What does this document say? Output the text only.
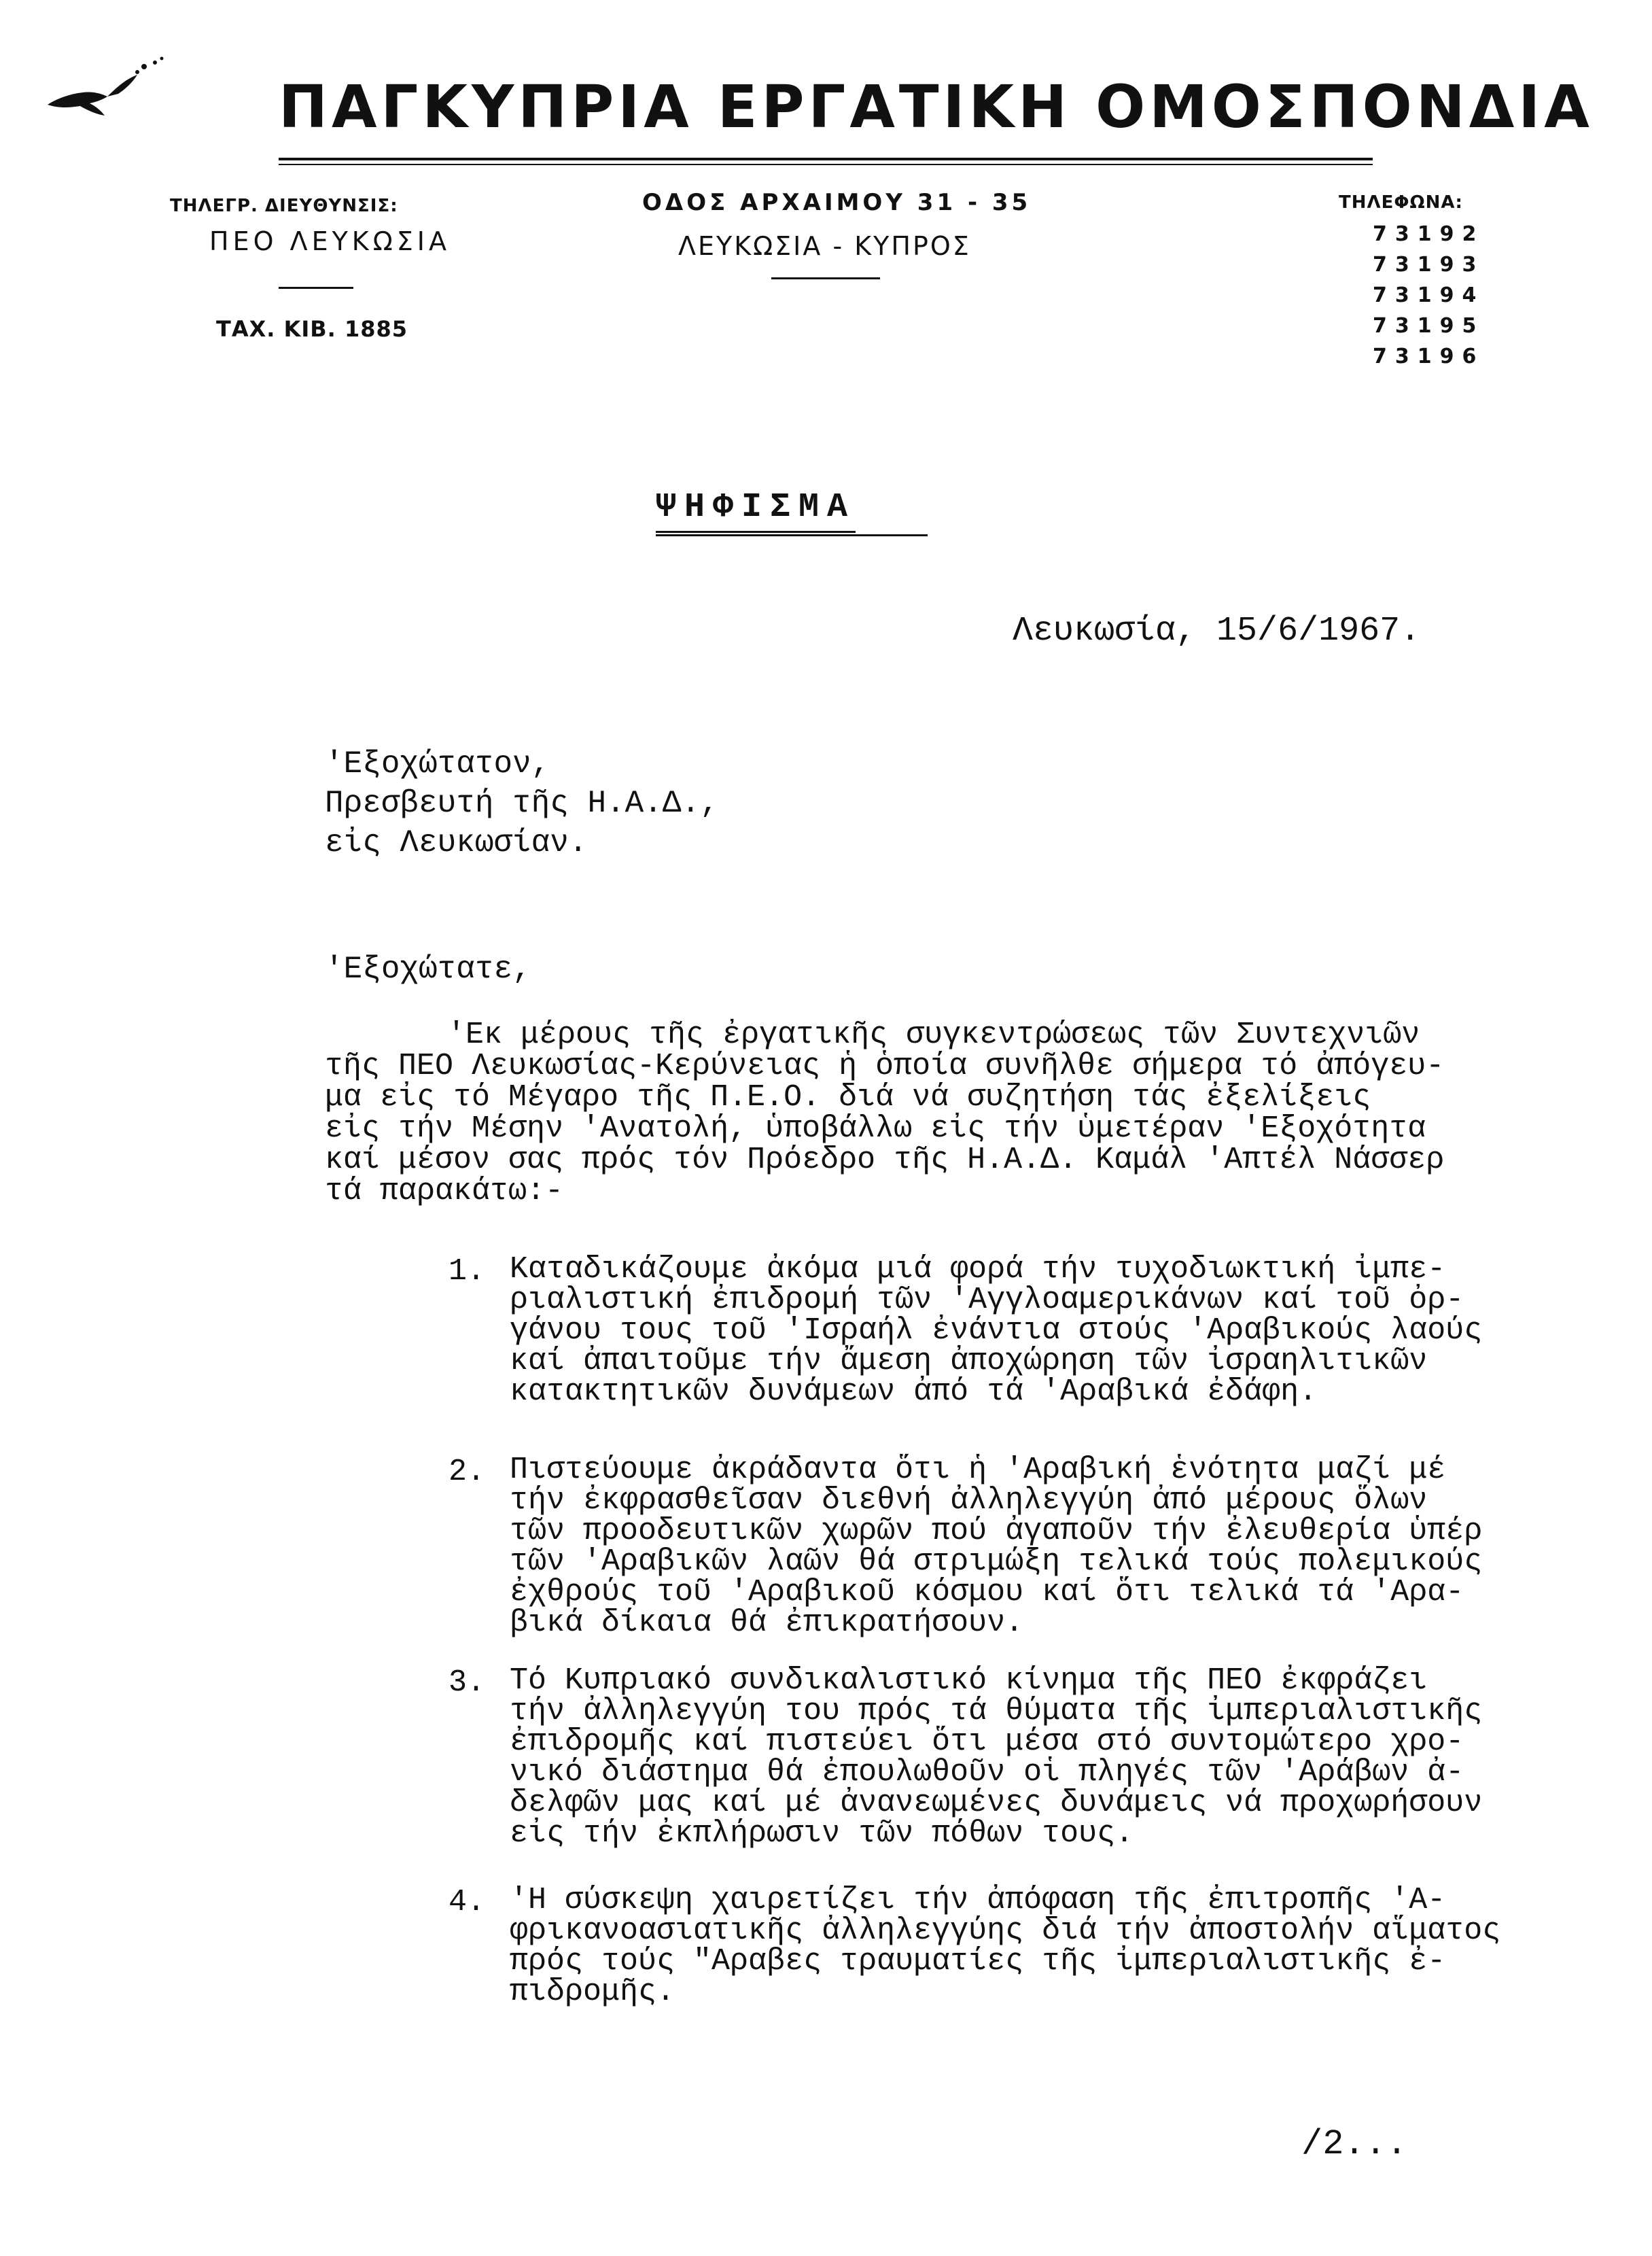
ΠΑΓΚΥΠΡΙΑ ΕΡΓΑΤΙΚΗ ΟΜΟΣΠΟΝΔΙΑ
ΤΗΛΕΓΡ. ΔΙΕΥΘΥΝΣΙΣ:
ΠΕΟ ΛΕΥΚΩΣΙΑ
ΤΑΧ. ΚΙΒ. 1885
ΟΔΟΣ ΑΡΧΑΙΜΟΥ 31 - 35
ΛΕΥΚΩΣΙΑ - ΚΥΠΡΟΣ
ΤΗΛΕΦΩΝΑ:
73192
73193
73194
73195
73196
ΨΗΦΙΣΜΑ
Λευκωσία, 15/6/1967.
'Εξοχώτατον,
Πρεσβευτή τῆς Η.Α.Δ.,
εἰς Λευκωσίαν.
'Εξοχώτατε,
'Εκ μέρους τῆς ἐργατικῆς συγκεντρώσεως τῶν Συντεχνιῶν
τῆς ΠΕΟ Λευκωσίας-Κερύνειας ἡ ὁποία συνῆλθε σήμερα τό ἀπόγευ-
μα εἰς τό Μέγαρο τῆς Π.Ε.Ο. διά νά συζητήση τάς ἐξελίξεις
εἰς τήν Μέσην 'Ανατολή, ὑποβάλλω εἰς τήν ὑμετέραν 'Εξοχότητα
καί μέσον σας πρός τόν Πρόεδρο τῆς Η.Α.Δ. Καμάλ 'Απτέλ Νάσσερ
τά παρακάτω:-
1. Καταδικάζουμε ἀκόμα μιά φορά τήν τυχοδιωκτική ἰμπε-
ριαλιστική ἐπιδρομή τῶν 'Αγγλοαμερικάνων καί τοῦ ὀρ-
γάνου τους τοῦ 'Ισραήλ ἐνάντια στούς 'Αραβικούς λαούς
καί ἀπαιτοῦμε τήν ἄμεση ἀποχώρηση τῶν ἰσραηλιτικῶν
κατακτητικῶν δυνάμεων ἀπό τά 'Αραβικά ἐδάφη.
2. Πιστεύουμε ἀκράδαντα ὅτι ἡ 'Αραβική ἑνότητα μαζί μέ
τήν ἐκφρασθεῖσαν διεθνή ἀλληλεγγύη ἀπό μέρους ὅλων
τῶν προοδευτικῶν χωρῶν πού ἀγαποῦν τήν ἐλευθερία ὑπέρ
τῶν 'Αραβικῶν λαῶν θά στριμώξη τελικά τούς πολεμικούς
ἐχθρούς τοῦ 'Αραβικοῦ κόσμου καί ὅτι τελικά τά 'Αρα-
βικά δίκαια θά ἐπικρατήσουν.
3. Τό Κυπριακό συνδικαλιστικό κίνημα τῆς ΠΕΟ ἐκφράζει
τήν ἀλληλεγγύη του πρός τά θύματα τῆς ἰμπεριαλιστικῆς
ἐπιδρομῆς καί πιστεύει ὅτι μέσα στό συντομώτερο χρο-
νικό διάστημα θά ἐπουλωθοῦν οἱ πληγές τῶν 'Αράβων ἀ-
δελφῶν μας καί μέ ἀνανεωμένες δυνάμεις νά προχωρήσουν
εἰς τήν ἐκπλήρωσιν τῶν πόθων τους.
4. 'Η σύσκεψη χαιρετίζει τήν ἀπόφαση τῆς ἐπιτροπῆς 'Α-
φρικανοασιατικῆς ἀλληλεγγύης διά τήν ἀποστολήν αἵματος
πρός τούς "Αραβες τραυματίες τῆς ἰμπεριαλιστικῆς ἐ-
πιδρομῆς.
/2...
